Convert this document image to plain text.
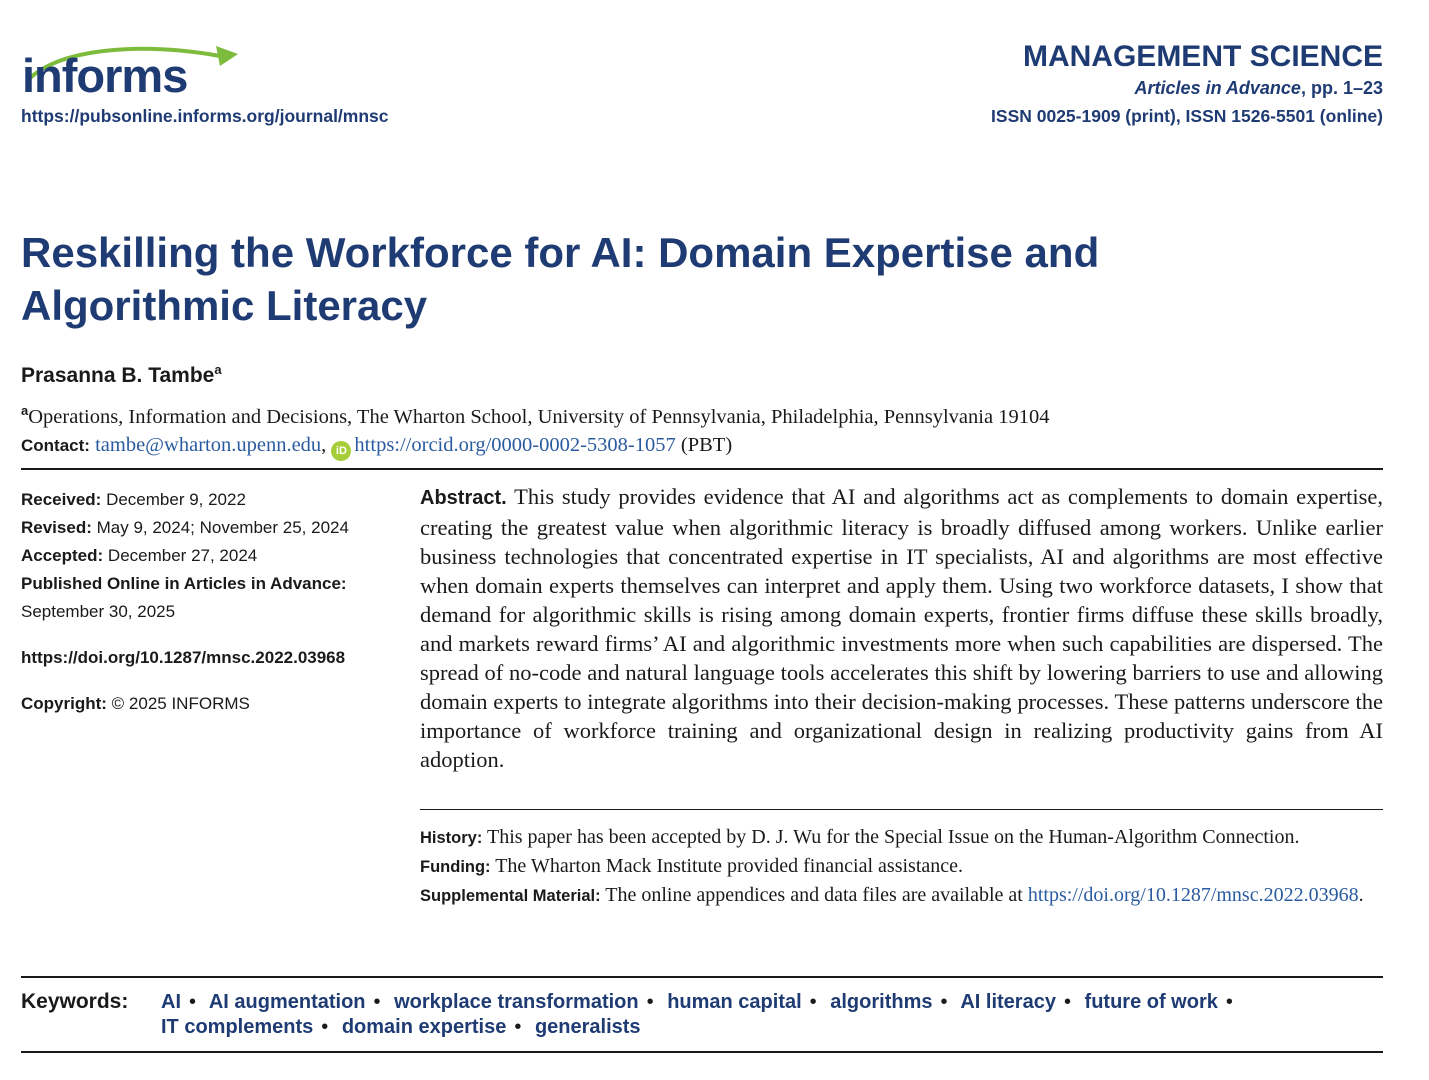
informs
https://pubsonline.informs.org/journal/mnsc
MANAGEMENT SCIENCE
Articles in Advance, pp. 1–23
ISSN 0025-1909 (print), ISSN 1526-5501 (online)
Reskilling the Workforce for AI: Domain Expertise and Algorithmic Literacy
Prasanna B. Tambe$^a$
$^a$Operations, Information and Decisions, The Wharton School, University of Pennsylvania, Philadelphia, Pennsylvania 19104
Contact: tambe@wharton.upenn.edu, iD https://orcid.org/0000-0002-5308-1057 (PBT)
Received: December 9, 2022
Revised: May 9, 2024; November 25, 2024
Accepted: December 27, 2024
Published Online in Articles in Advance:
September 30, 2025
https://doi.org/10.1287/mnsc.2022.03968
Copyright: © 2025 INFORMS
Abstract. This study provides evidence that AI and algorithms act as complements to domain expertise, creating the greatest value when algorithmic literacy is broadly diffused among workers. Unlike earlier business technologies that concentrated expertise in IT specialists, AI and algorithms are most effective when domain experts themselves can interpret and apply them. Using two workforce datasets, I show that demand for algorithmic skills is rising among domain experts, frontier firms diffuse these skills broadly, and markets reward firms’ AI and algorithmic investments more when such capabilities are dispersed. The spread of no-code and natural language tools accelerates this shift by lowering barriers to use and allowing domain experts to integrate algorithms into their decision-making processes. These patterns underscore the importance of workforce training and organizational design in realizing productivity gains from AI adoption.

History: This paper has been accepted by D. J. Wu for the Special Issue on the Human-Algorithm Connection.

Funding: The Wharton Mack Institute provided financial assistance.

Supplemental Material: The online appendices and data files are available at https://doi.org/10.1287/mnsc.2022.03968.

Keywords: AI • AI augmentation • workplace transformation • human capital • algorithms • AI literacy • future of work • IT complements • domain expertise • generalists
